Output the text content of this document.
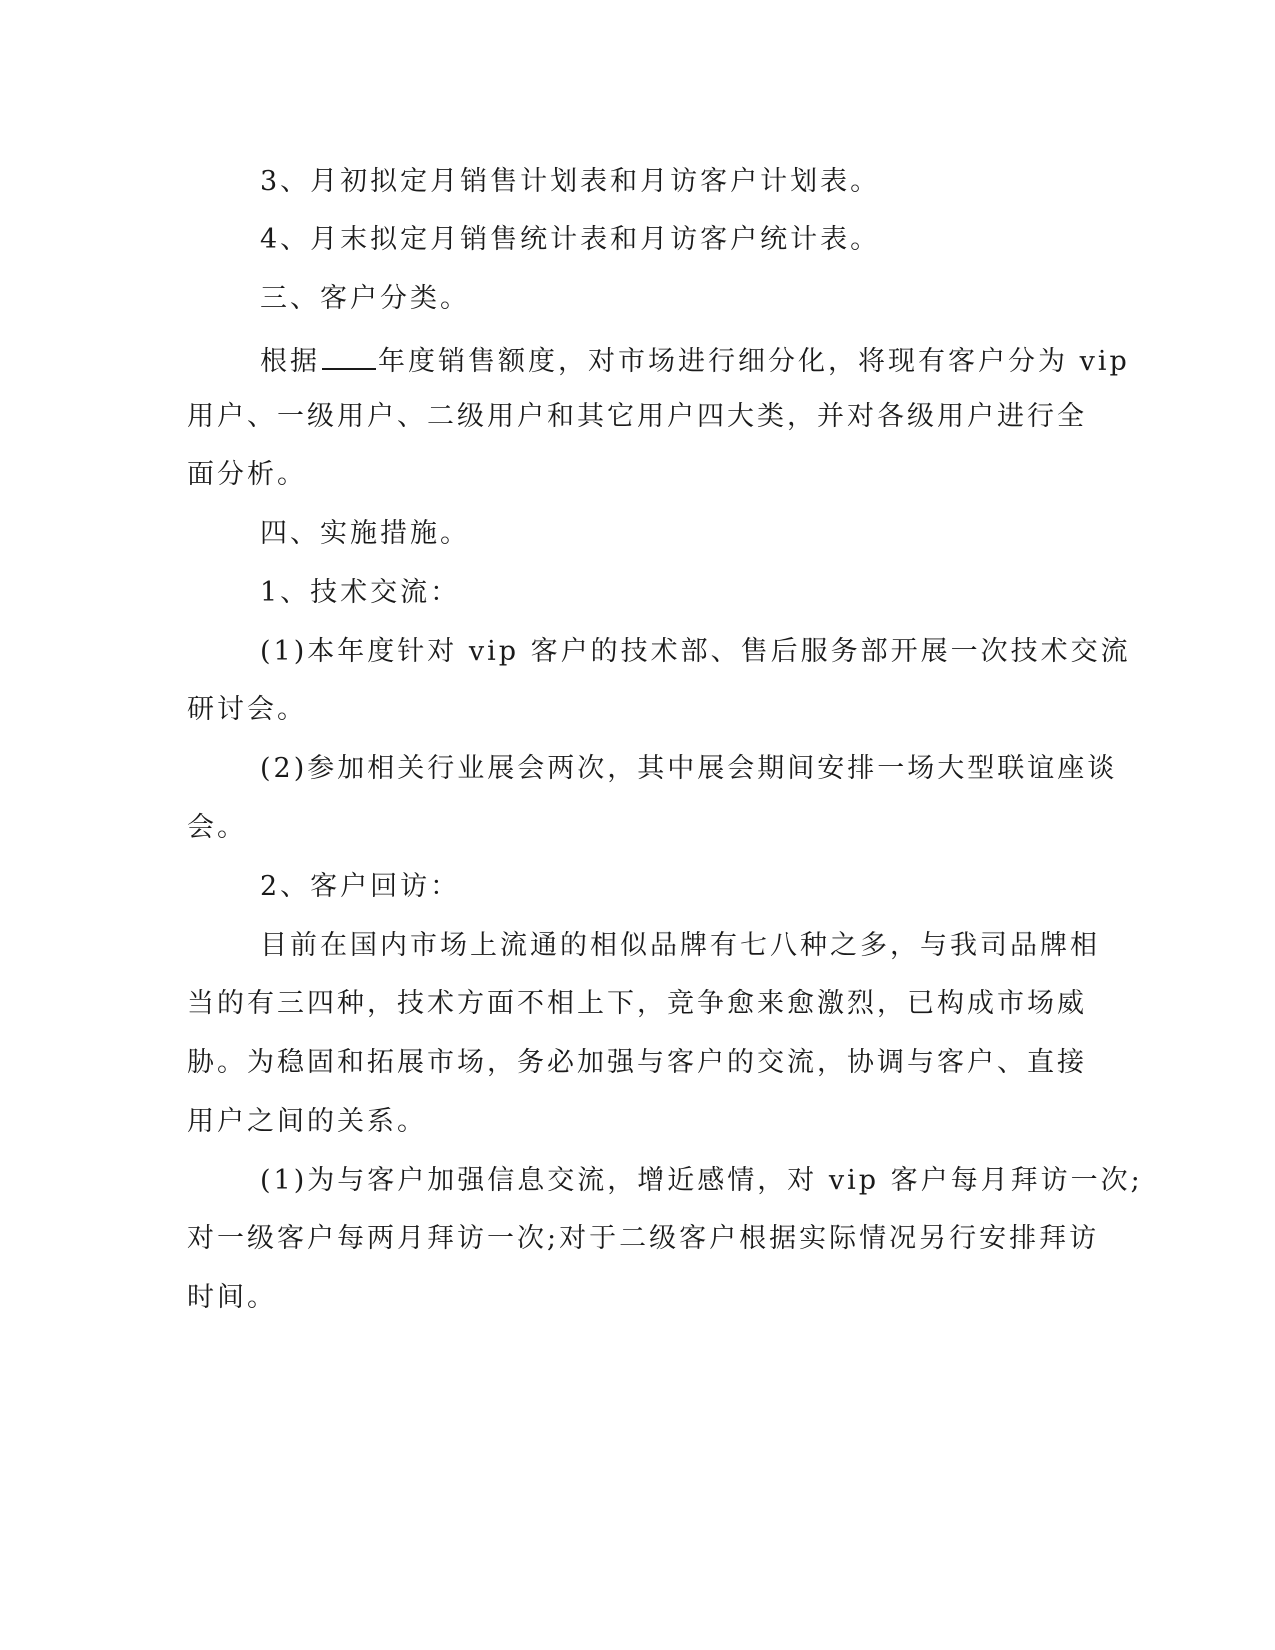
3、月初拟定月销售计划表和月访客户计划表。

4、月末拟定月销售统计表和月访客户统计表。

三、客户分类。

根据 年度销售额度，对市场进行细分化，将现有客户分为 vip

用户、一级用户、二级用户和其它用户四大类，并对各级用户进行全

面分析。

四、实施措施。

1、技术交流：

(1)本年度针对 vip 客户的技术部、售后服务部开展一次技术交流

研讨会。

(2)参加相关行业展会两次，其中展会期间安排一场大型联谊座谈

会。

2、客户回访：

目前在国内市场上流通的相似品牌有七八种之多，与我司品牌相

当的有三四种，技术方面不相上下，竞争愈来愈激烈，已构成市场威

胁。为稳固和拓展市场，务必加强与客户的交流，协调与客户、直接

用户之间的关系。

(1)为与客户加强信息交流，增近感情，对 vip 客户每月拜访一次;

对一级客户每两月拜访一次;对于二级客户根据实际情况另行安排拜访

时间。
